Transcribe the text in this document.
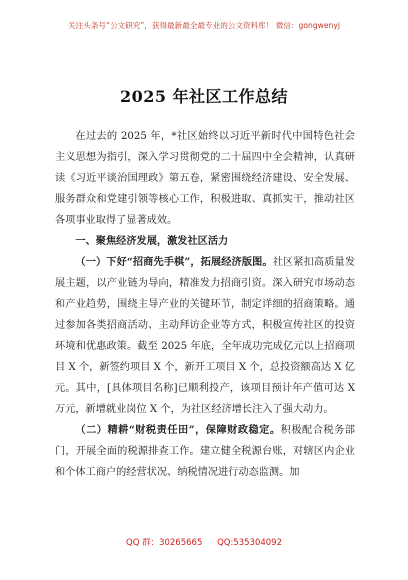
关注头条号“公文研究”，获得最新最全最专业的公文资料库！ 微信：gongwenyj
2025 年社区工作总结

在过去的 2025 年，*社区始终以习近平新时代中国特色社会主义思想为指引，深入学习贯彻党的二十届四中全会精神，认真研读《习近平谈治国理政》第五卷，紧密围绕经济建设、安全发展、服务群众和党建引领等核心工作，积极进取、真抓实干，推动社区各项事业取得了显著成效。

一、聚焦经济发展，激发社区活力

（一）下好“招商先手棋”，拓展经济版图。社区紧扣高质量发展主题，以产业链为导向，精准发力招商引资。深入研究市场动态和产业趋势，围绕主导产业的关键环节，制定详细的招商策略。通过参加各类招商活动、主动拜访企业等方式，积极宣传社区的投资环境和优惠政策。截至 2025 年底，全年成功完成亿元以上招商项目 X 个，新签约项目 X 个，新开工项目 X 个，总投资额高达 X 亿元。其中，[具体项目名称]已顺利投产，该项目预计年产值可达 X 万元，新增就业岗位 X 个，为社区经济增长注入了强大动力。

（二）精耕“财税责任田”，保障财政稳定。积极配合税务部门，开展全面的税源排查工作。建立健全税源台账，对辖区内企业和个体工商户的经营状况、纳税情况进行动态监测。加

QQ 群：30265665 QQ:535304092
